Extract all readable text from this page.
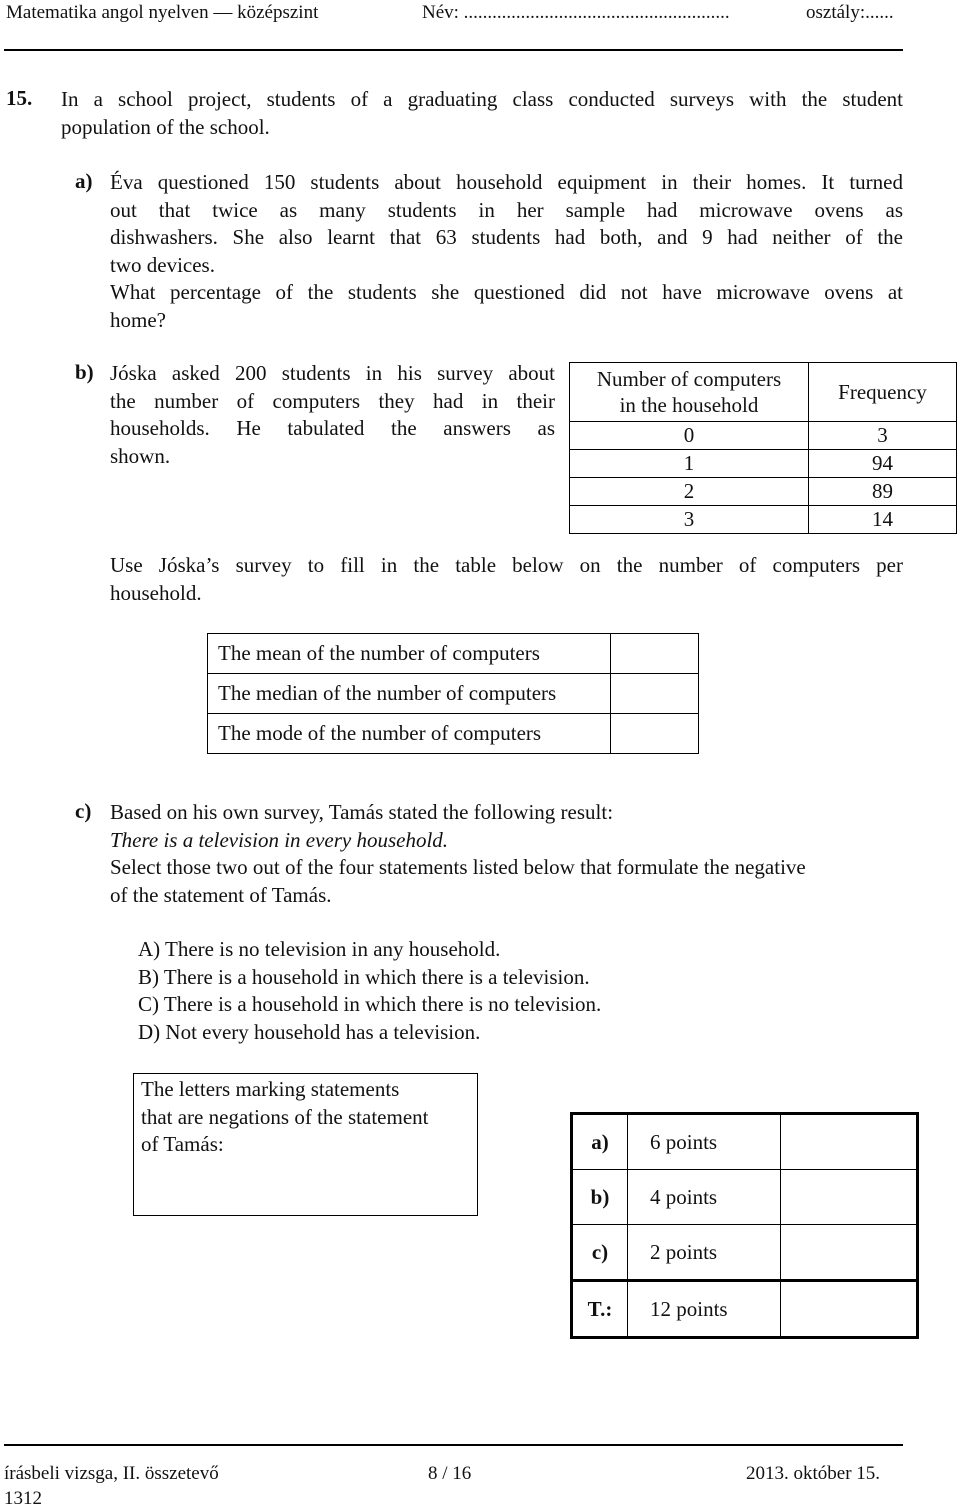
Matematika angol nyelven — középszint	Név: ........................................................	osztály:......
15. In a school project, students of a graduating class conducted surveys with the student
population of the school.
a) Éva questioned 150 students about household equipment in their homes. It turned
out that twice as many students in her sample had microwave ovens as
dishwashers. She also learnt that 63 students had both, and 9 had neither of the
two devices.
What percentage of the students she questioned did not have microwave ovens at
home?
b) Jóska asked 200 students in his survey about
the number of computers they had in their
households. He tabulated the answers as
shown.
Number of computers
in the household	Frequency
0	3
1	94
2	89
3	14
Use Jóska’s survey to fill in the table below on the number of computers per
household.
The mean of the number of computers	
The median of the number of computers	
The mode of the number of computers	
c) Based on his own survey, Tamás stated the following result:
There is a television in every household.
Select those two out of the four statements listed below that formulate the negative
of the statement of Tamás.
A) There is no television in any household.
B) There is a household in which there is a television.
C) There is a household in which there is no television.
D) Not every household has a television.
The letters marking statements
that are negations of the statement
of Tamás:	a)	6 points	
b)	4 points	
c)	2 points	
T.:	12 points	
írásbeli vizsga, II. összetevő
1312
8 / 16	2013. október 15.
